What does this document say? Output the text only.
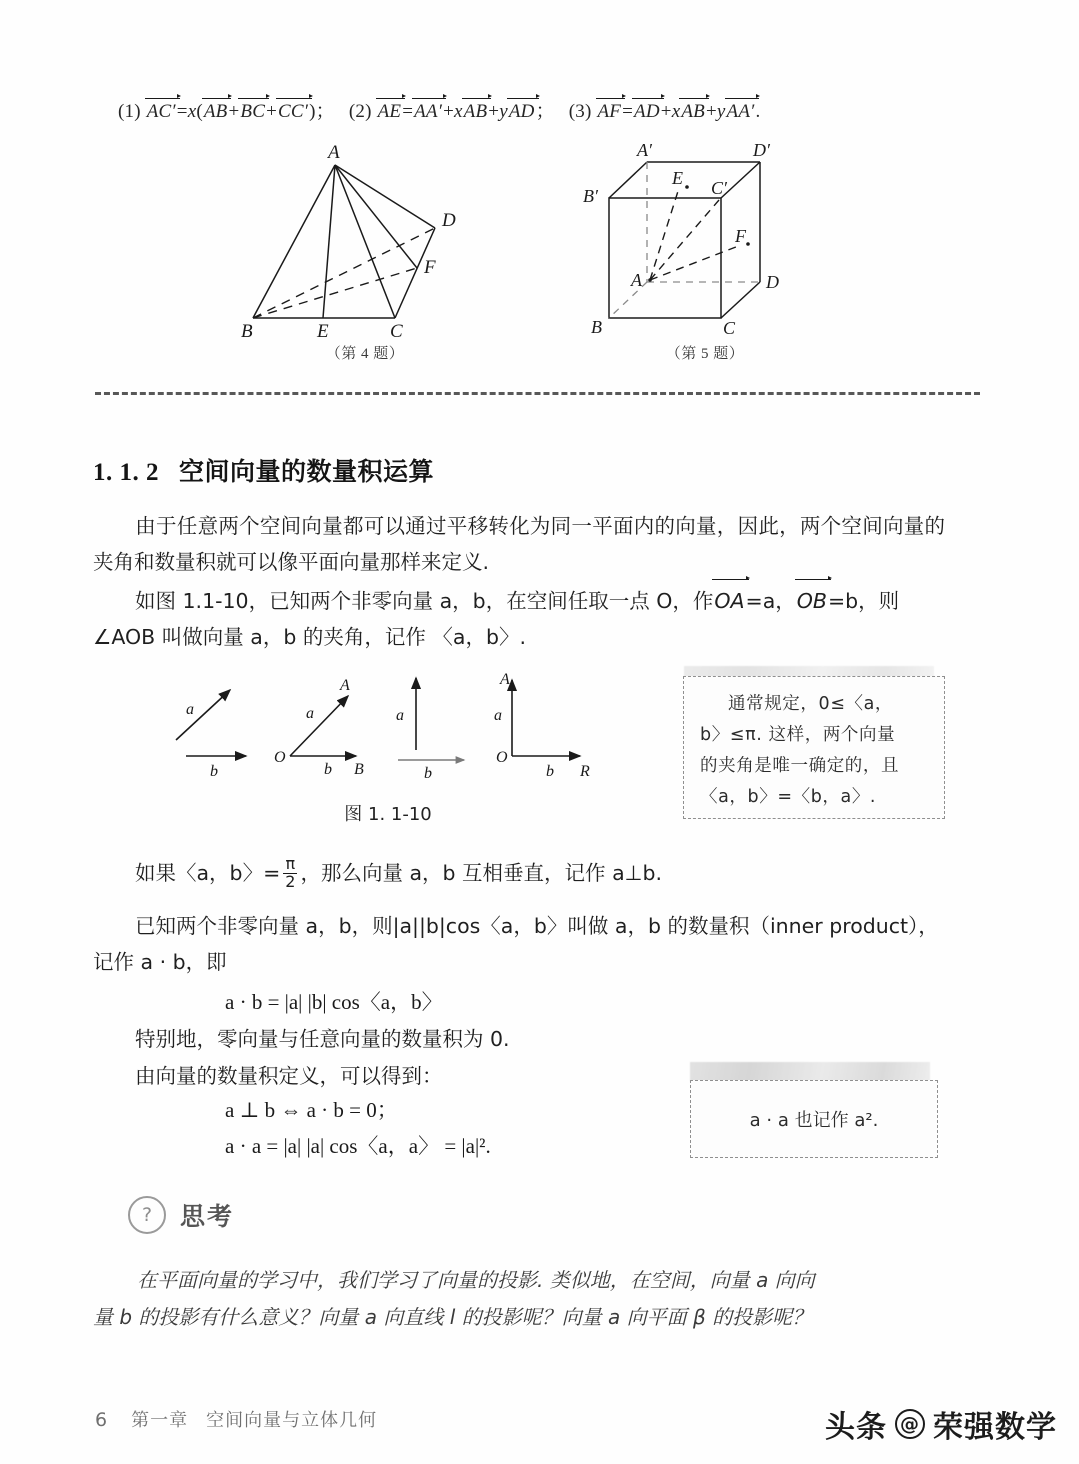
(1) AC′=x(AB+BC+CC′)； (2) AE=AA′+xAB+yAD； (3) AF=AD+xAB+yAA′.
A
B	C
D
E
F
（第 4 题）
A
B	C
D
A′
B′	C′
D′
E
F
（第 5 题）
1. 1. 2 空间向量的数量积运算
由于任意两个空间向量都可以通过平移转化为同一平面内的向量，因此，两个空间向量的夹角和数量积就可以像平面向量那样来定义.
如图 1.1-10，已知两个非零向量 a，b，在空间任取一点 O，作OA=a，OB=b，则
∠AOB 叫做向量 a，b 的夹角，记作 〈a，b〉.
a
b
O
a
b
A
B
a
b
a
b
A
O
R
图 1. 1-10
通常规定，0≤〈a，
b〉≤π. 这样，两个向量
的夹角是唯一确定的，且
〈a，b〉=〈b，a〉.
如果〈a，b〉= $\frac{\pi}{2}$ ，那么向量 a，b 互相垂直，记作 a⊥b.
已知两个非零向量 a，b，则|a||b|cos〈a，b〉叫做 a，b 的数量积（inner product），
记作 a · b，即
a · b = |a| |b| cos〈a，b〉
特别地，零向量与任意向量的数量积为 0.
由向量的数量积定义，可以得到：
a ⊥ b ⇔ a · b = 0；
a · a = |a| |a| cos〈a，a〉 = |a|².
a · a 也记作 a².
?	思考
在平面向量的学习中，我们学习了向量的投影. 类似地，在空间，向量 a 向向
量 b 的投影有什么意义？向量 a 向直线 l 的投影呢？向量 a 向平面 β 的投影呢？
6 第一章 空间向量与立体几何	头条 @ 荣强数学
